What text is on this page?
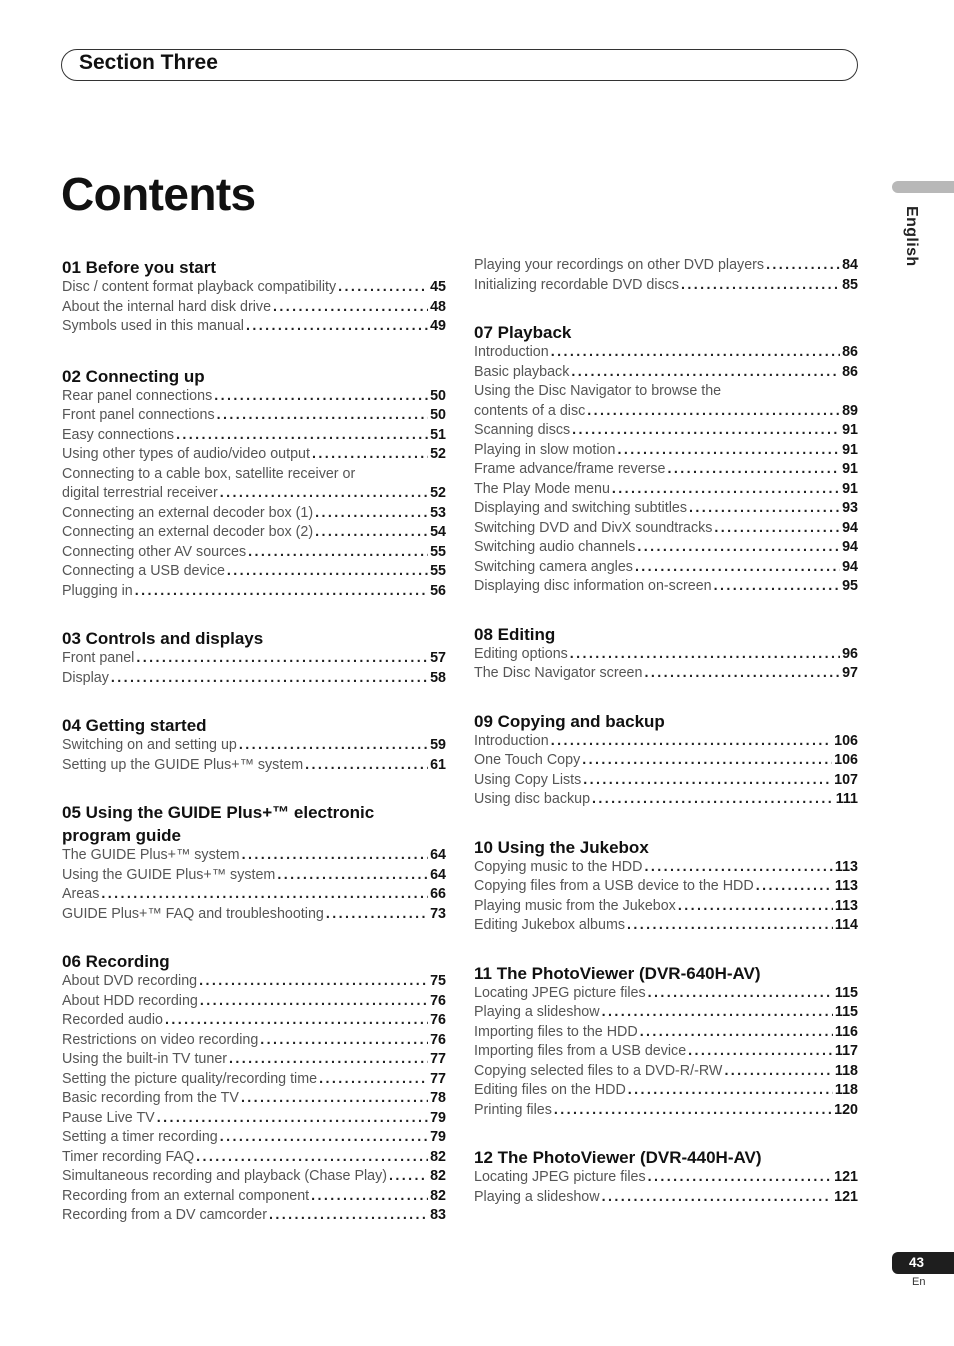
Section Three
Contents
English
01 Before you start
Disc / content format playback compatibility .....	45
About the internal hard disk drive .....	48
Symbols used in this manual .....	49
02 Connecting up
Rear panel connections .....	50
Front panel connections .....	50
Easy connections .....	51
Using other types of audio/video output .....	52
Connecting to a cable box, satellite receiver or
digital terrestrial receiver .....	52
Connecting an external decoder box (1) .....	53
Connecting an external decoder box (2) .....	54
Connecting other AV sources .....	55
Connecting a USB device .....	55
Plugging in .....	56
03 Controls and displays
Front panel .....	57
Display .....	58
04 Getting started
Switching on and setting up .....	59
Setting up the GUIDE Plus+™ system .....	61
05 Using the GUIDE Plus+™ electronic program guide
The GUIDE Plus+™ system .....	64
Using the GUIDE Plus+™ system .....	64
Areas .....	66
GUIDE Plus+™ FAQ and troubleshooting .....	73
06 Recording
About DVD recording .....	75
About HDD recording .....	76
Recorded audio .....	76
Restrictions on video recording .....	76
Using the built-in TV tuner .....	77
Setting the picture quality/recording time .....	77
Basic recording from the TV .....	78
Pause Live TV .....	79
Setting a timer recording .....	79
Timer recording FAQ .....	82
Simultaneous recording and playback (Chase Play) .....	82
Recording from an external component .....	82
Recording from a DV camcorder .....	83
Playing your recordings on other DVD players .....	84
Initializing recordable DVD discs .....	85
07 Playback
Introduction .....	86
Basic playback .....	86
Using the Disc Navigator to browse the
contents of a disc .....	89
Scanning discs .....	91
Playing in slow motion .....	91
Frame advance/frame reverse .....	91
The Play Mode menu .....	91
Displaying and switching subtitles .....	93
Switching DVD and DivX soundtracks .....	94
Switching audio channels .....	94
Switching camera angles .....	94
Displaying disc information on-screen .....	95
08 Editing
Editing options .....	96
The Disc Navigator screen .....	97
09 Copying and backup
Introduction .....	106
One Touch Copy .....	106
Using Copy Lists .....	107
Using disc backup .....	111
10 Using the Jukebox
Copying music to the HDD .....	113
Copying files from a USB device to the HDD .....	113
Playing music from the Jukebox .....	113
Editing Jukebox albums .....	114
11 The PhotoViewer (DVR-640H-AV)
Locating JPEG picture files .....	115
Playing a slideshow .....	115
Importing files to the HDD .....	116
Importing files from a USB device .....	117
Copying selected files to a DVD-R/-RW .....	118
Editing files on the HDD .....	118
Printing files .....	120
12 The PhotoViewer (DVR-440H-AV)
Locating JPEG picture files .....	121
Playing a slideshow .....	121
43
En
